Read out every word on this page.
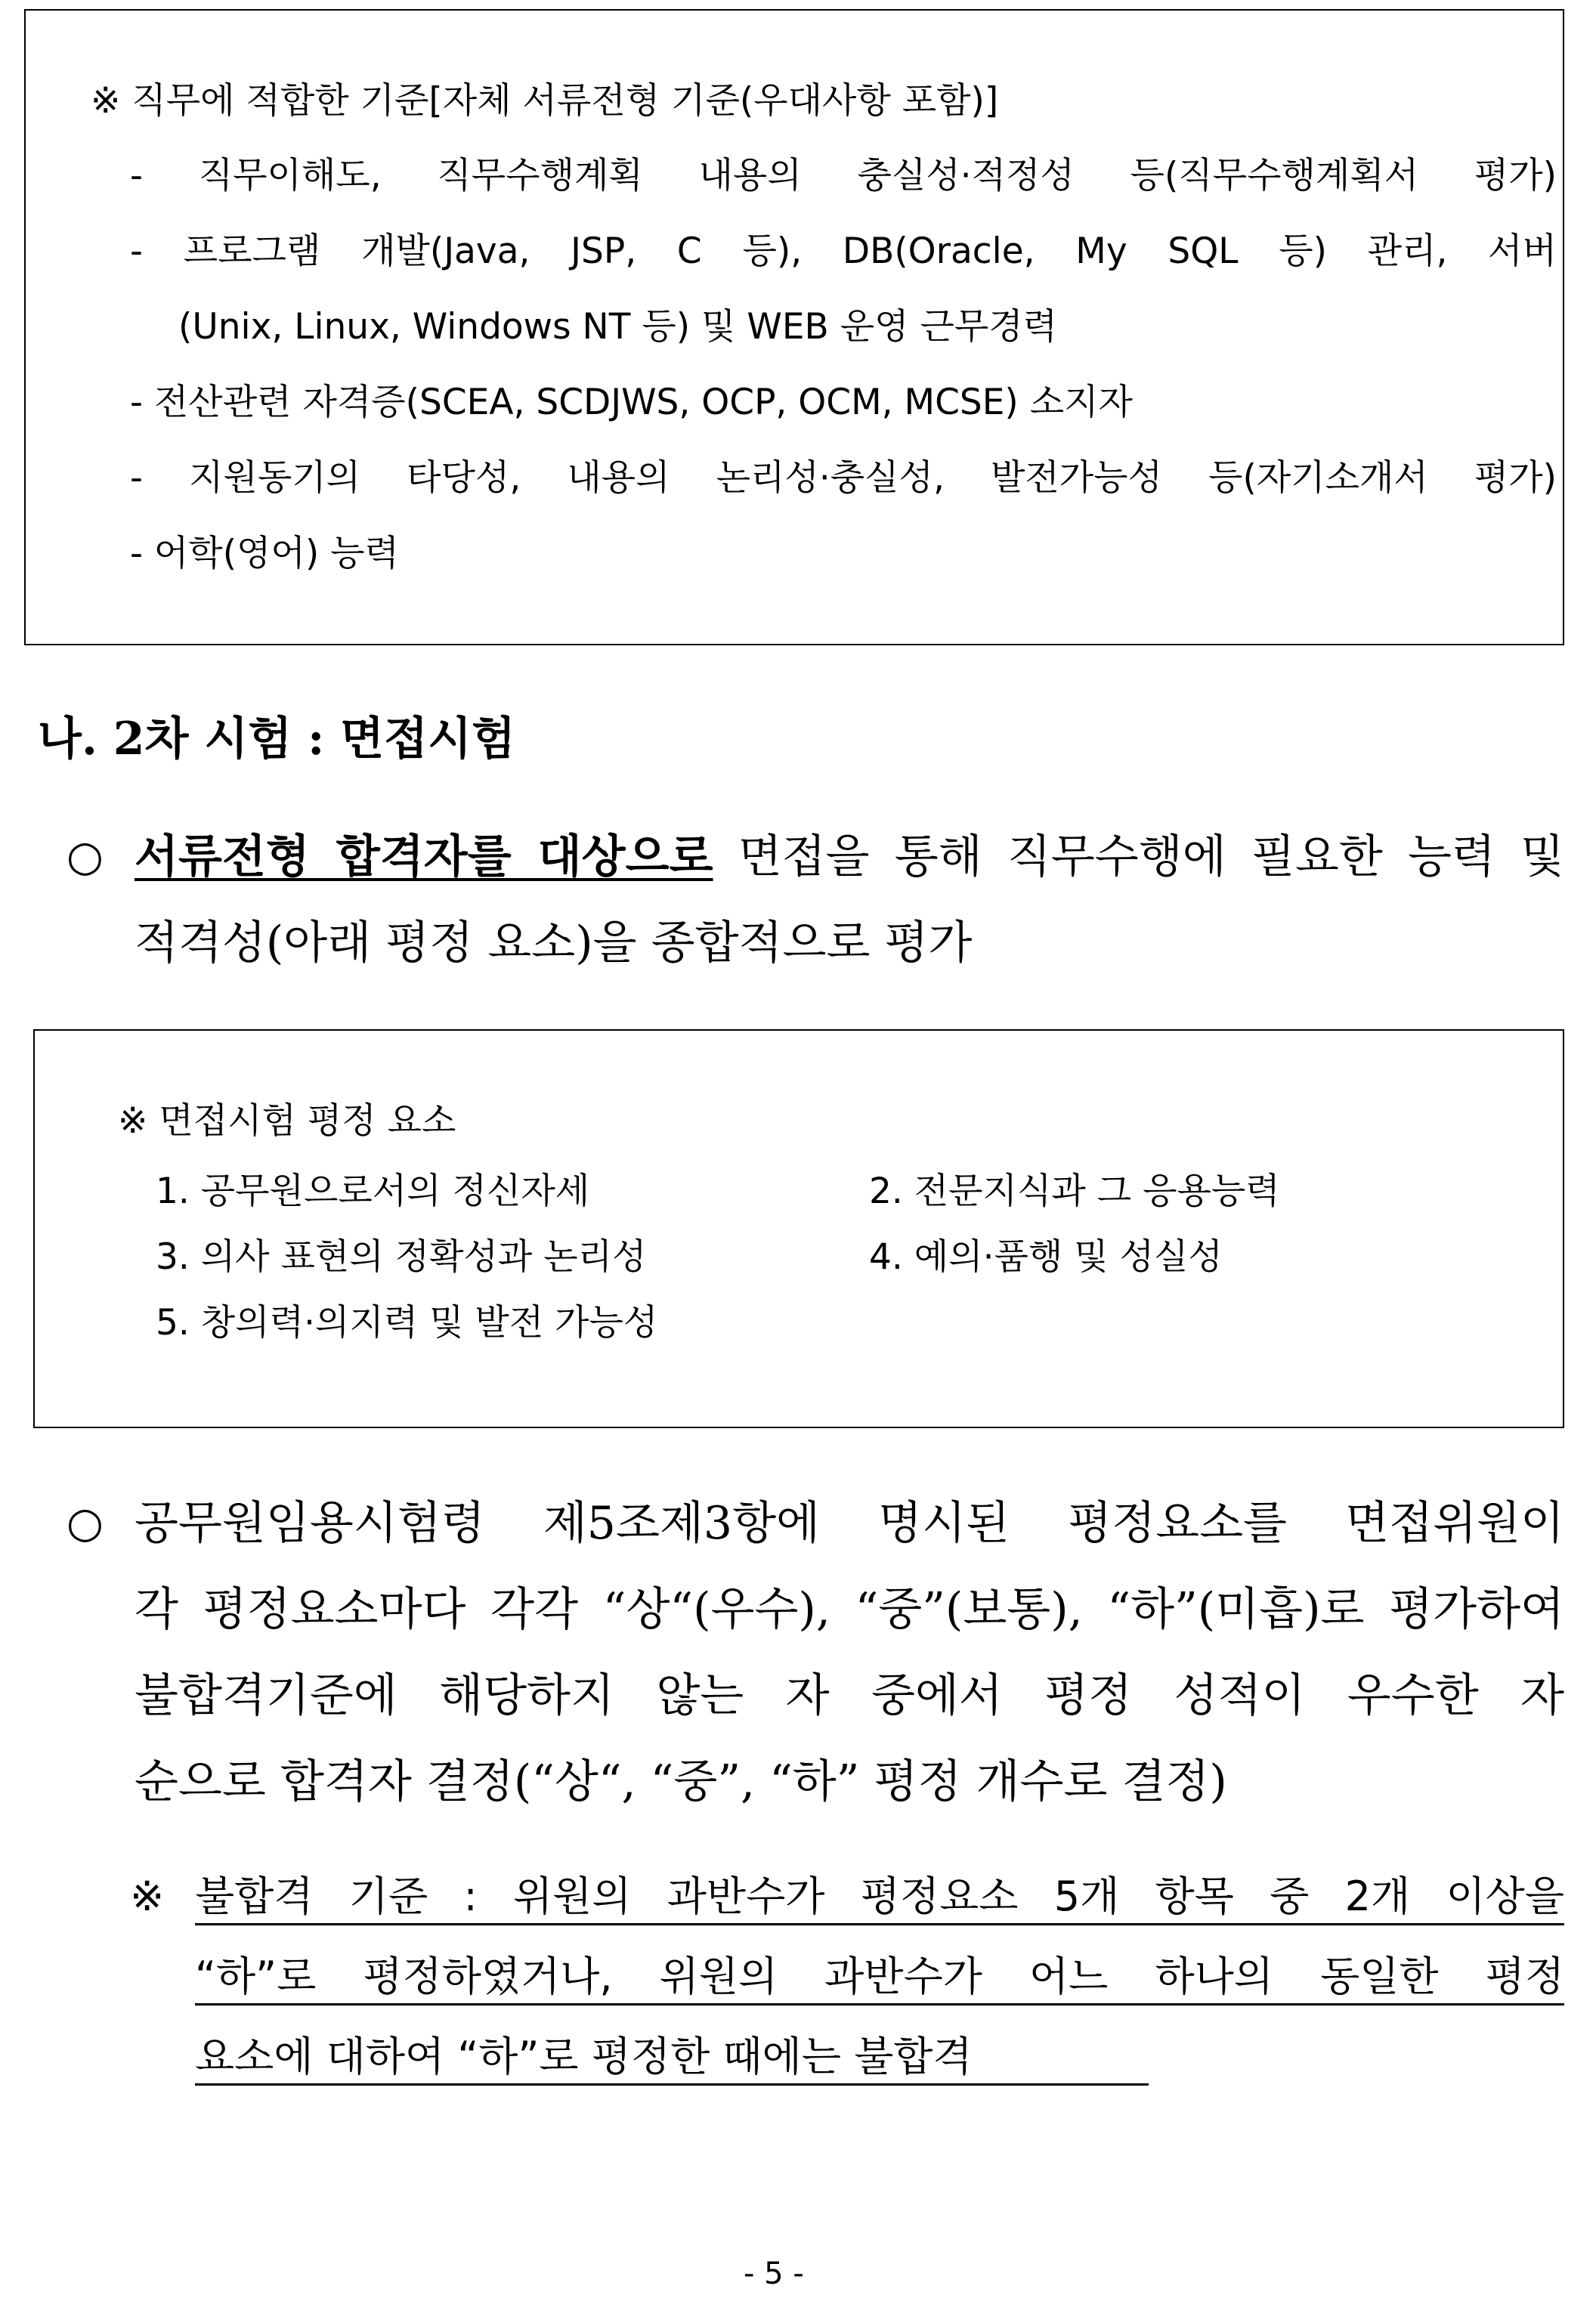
※ 직무에 적합한 기준[자체 서류전형 기준(우대사항 포함)]
- 직무이해도, 직무수행계획 내용의 충실성·적정성 등(직무수행계획서 평가)
- 프로그램 개발(Java, JSP, C 등), DB(Oracle, My SQL 등) 관리, 서버
(Unix, Linux, Windows NT 등) 및 WEB 운영 근무경력
- 전산관련 자격증(SCEA, SCDJWS, OCP, OCM, MCSE) 소지자
- 지원동기의 타당성, 내용의 논리성·충실성, 발전가능성 등(자기소개서 평가)
- 어학(영어) 능력
나. 2차 시험 : 면접시험
○ 서류전형 합격자를 대상으로 면접을 통해 직무수행에 필요한 능력 및
적격성(아래 평정 요소)을 종합적으로 평가
※ 면접시험 평정 요소
1. 공무원으로서의 정신자세	2. 전문지식과 그 응용능력
3. 의사 표현의 정확성과 논리성	4. 예의·품행 및 성실성
5. 창의력·의지력 및 발전 가능성
○ 공무원임용시험령 제5조제3항에 명시된 평정요소를 면접위원이
각 평정요소마다 각각 “상“(우수), “중”(보통), “하”(미흡)로 평가하여
불합격기준에 해당하지 않는 자 중에서 평정 성적이 우수한 자
순으로 합격자 결정(“상“, “중”, “하” 평정 개수로 결정)
※ 불합격 기준 : 위원의 과반수가 평정요소 5개 항목 중 2개 이상을
“하”로 평정하였거나, 위원의 과반수가 어느 하나의 동일한 평정
요소에 대하여 “하”로 평정한 때에는 불합격
- 5 -
